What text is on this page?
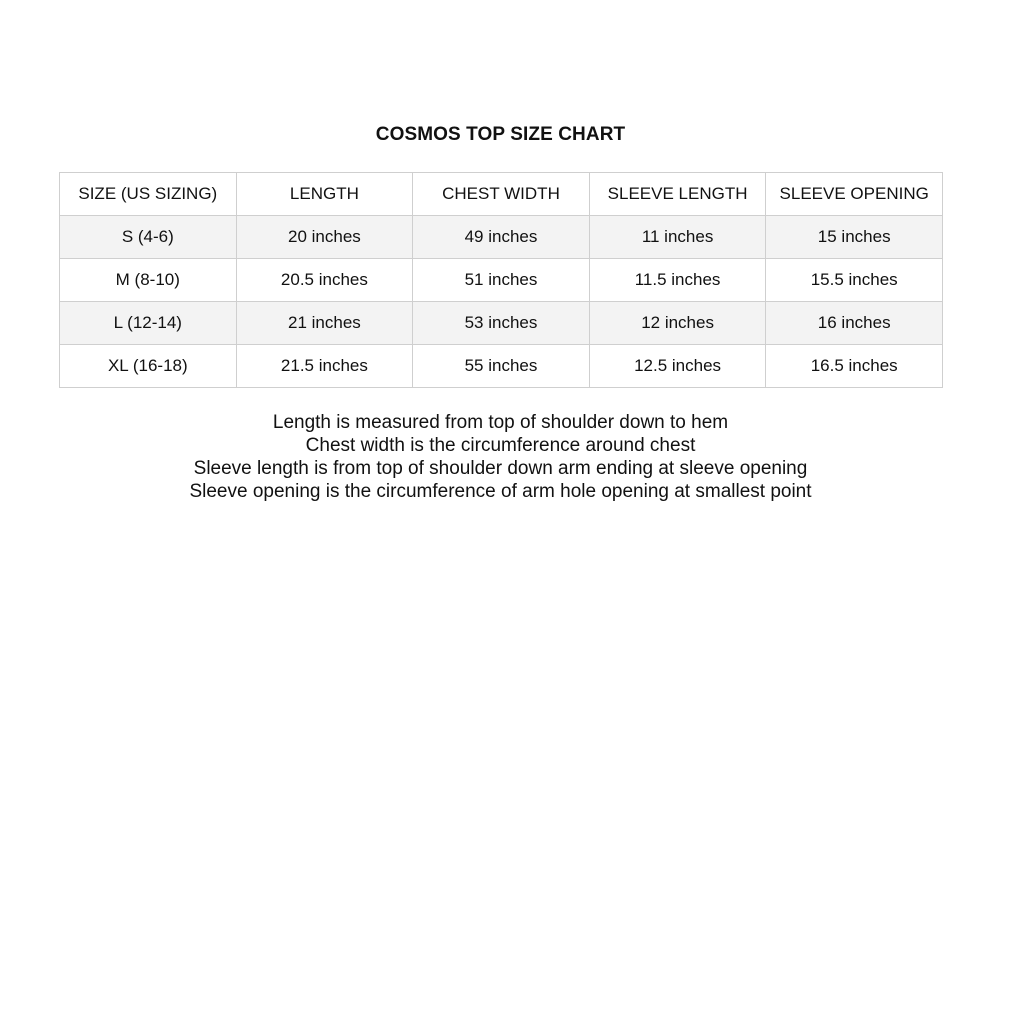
COSMOS TOP SIZE CHART
SIZE (US SIZING)	LENGTH	CHEST WIDTH	SLEEVE LENGTH	SLEEVE OPENING
S (4-6)	20 inches	49 inches	11 inches	15 inches
M (8-10)	20.5 inches	51 inches	11.5 inches	15.5 inches
L (12-14)	21 inches	53 inches	12 inches	16 inches
XL (16-18)	21.5 inches	55 inches	12.5 inches	16.5 inches
Length is measured from top of shoulder down to hem
Chest width is the circumference around chest
Sleeve length is from top of shoulder down arm ending at sleeve opening
Sleeve opening is the circumference of arm hole opening at smallest point
